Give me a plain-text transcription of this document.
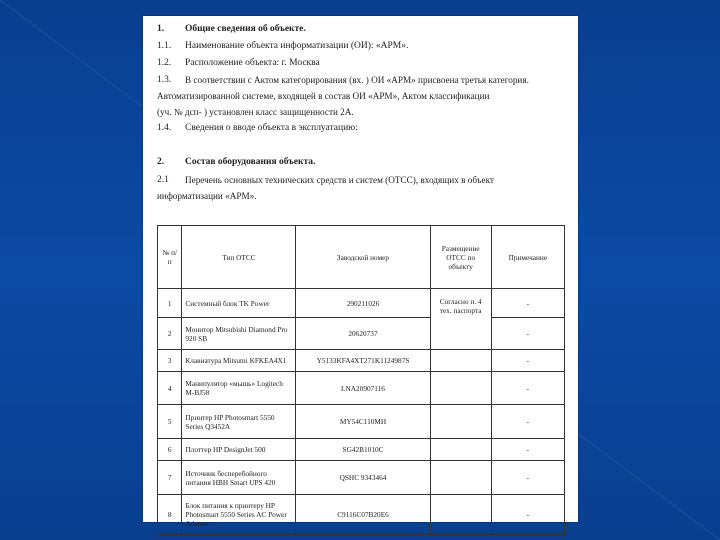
1. Общие сведения об объекте.
1.1. Наименование объекта информатизации (ОИ): «АРМ».
1.2. Расположение объекта: г. Москва
1.3. В соответствии с Актом категорирования (вх. ) ОИ «АРМ» присвоена третья категория.
Автоматизированной системе, входящей в состав ОИ «АРМ», Актом классификации
(уч. № дсп- ) установлен класс защищенности 2А.
1.4. Сведения о вводе объекта в эксплуатацию:
2. Состав оборудования объекта.
2.1 Перечень основных технических средств и систем (ОТСС), входящих в объект
информатизации «АРМ».
№ п/п	Тип ОТСС	Заводской номер	Размещение ОТСС по объекту	Примечание
1	Системный блок TK Power	290211026	Согласно п. 4 тех. паспорта	-
2	Монитор Mitsubishi Diamond Pro 920 SB	20620737		-
3	Клавиатура Mitsumi KFKEA4X1	Y5133KFA4XT271K1124987S		-
4	Манипулятор «мышь» Logitech M-BJ58	LNA20907116		-
5	Принтер HP Photosmart 5550 Series Q3452A	MY54C110MH		-
6	Плоттер HP DesignJet 500	SG42B1010C		-
7	Источник бесперебойного питания HBH Smart UPS 420	QSHC 9343464		-
8	Блок питания к принтеру HP Photosmart 5550 Series AC Power Adapter	C9116C07B20E6		-
